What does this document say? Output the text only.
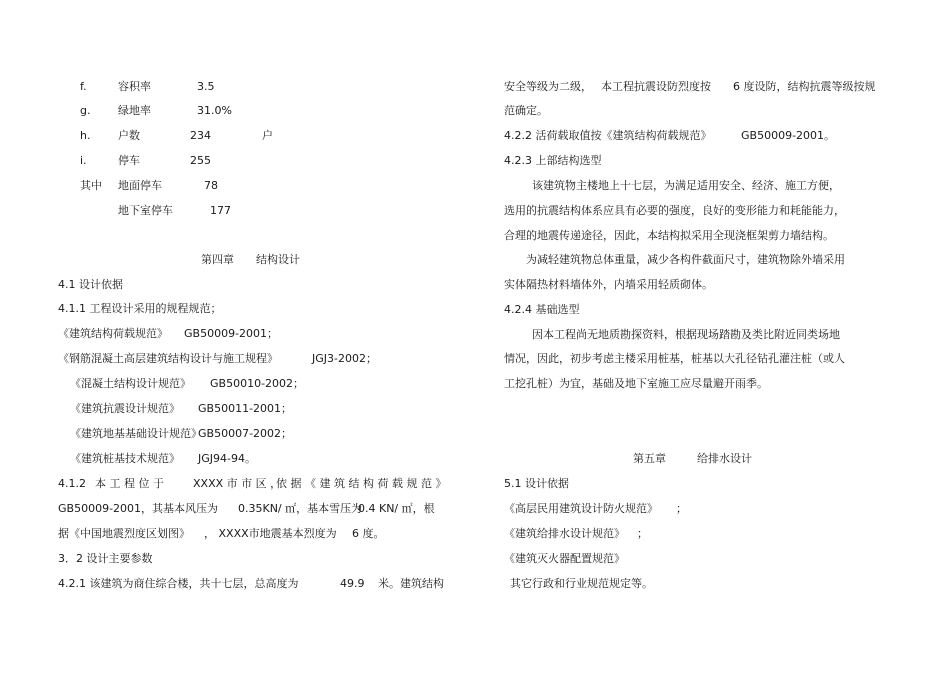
f.	容积率	3.5
g.	绿地率	31.0%
h.	户数	234	户
i.	停车	255
其中 地面停车	78
地下室停车	177
第四章 结构设计
4.1 设计依据
4.1.1 工程设计采用的规程规范；
《建筑结构荷载规范》 GB50009-2001；
《钢筋混凝土高层建筑结构设计与施工规程》	JGJ3-2002；
《混凝土结构设计规范》 GB50010-2002；
《建筑抗震设计规范》 GB50011-2001；
《建筑地基基础设计规范》
GB50007-2002；
《建筑桩基技术规范》 JGJ94-94。
4.1.2 本 工 程 位 于	XXXX 市 市 区 ，
依 据 《 建 筑 结 构 荷 载 规 范 》
GB50009-2001，其基本风压为 0.35KN/ ㎡，基本雪压为
0.4 KN/ ㎡，根
据《中国地震烈度区划图》 ， XXXX市地震基本烈度为 6 度。
3．2 设计主要参数
4.2.1 该建筑为商住综合楼，共十七层，总高度为	49.9 米。建筑结构
安全等级为二级， 本工程抗震设防烈度按 6 度设防，结构抗震等级按规
范确定。
4.2.2 活荷载取值按《建筑结构荷载规范》	GB50009-2001。
4.2.3 上部结构选型
该建筑物主楼地上十七层，为满足适用安全、经济、施工方便，
选用的抗震结构体系应具有必要的强度，良好的变形能力和耗能能力，
合理的地震传递途径，因此，本结构拟采用全现浇框架剪力墙结构。
为减轻建筑物总体重量，减少各构件截面尺寸，建筑物除外墙采用
实体隔热材料墙体外，内墙采用轻质砌体。
4.2.4 基础选型
因本工程尚无地质勘探资料，根据现场踏勘及类比附近同类场地
情况，因此，初步考虑主楼采用桩基，桩基以大孔径钻孔灌注桩（或人
工挖孔桩）为宜，基础及地下室施工应尽量避开雨季。
第五章	给排水设计
5.1 设计依据
《高层民用建筑设计防火规范》 ；
《建筑给排水设计规范》 ；
《建筑灭火器配置规范》
其它行政和行业规范规定等。
